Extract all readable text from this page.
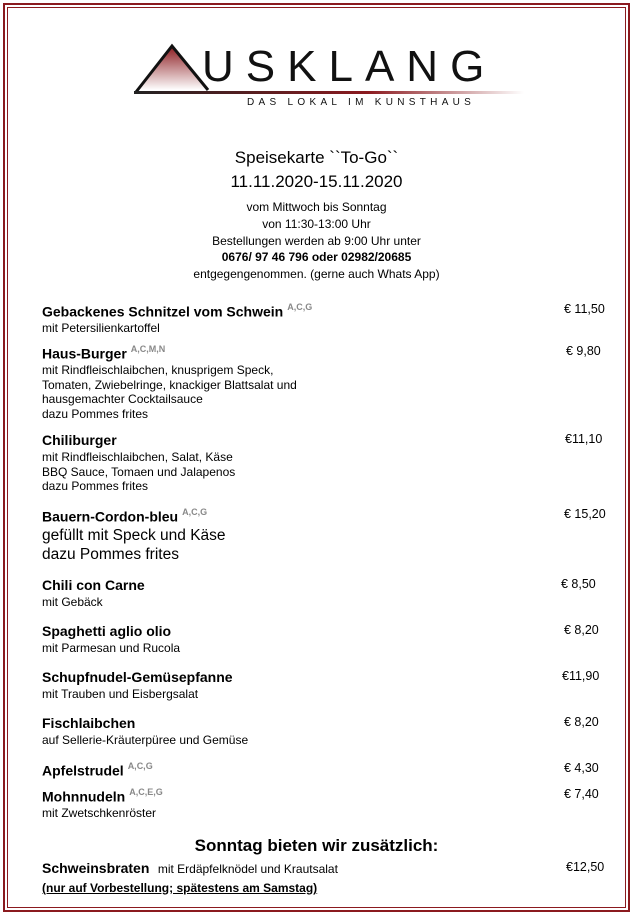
USKLANG
DAS LOKAL IM KUNSTHAUS
Speisekarte ``To-Go``
11.11.2020-15.11.2020
vom Mittwoch bis Sonntag
von 11:30-13:00 Uhr
Bestellungen werden ab 9:00 Uhr unter
0676/ 97 46 796 oder 02982/20685
entgegengenommen. (gerne auch Whats App)
Gebackenes Schnitzel vom Schwein $^{A,C,G}$	€ 11,50
mit Petersilienkartoffel
Haus-Burger $^{A,C,M,N}$	€ 9,80
mit Rindfleischlaibchen, knusprigem Speck,
Tomaten, Zwiebelringe, knackiger Blattsalat und
hausgemachter Cocktailsauce
dazu Pommes frites
Chiliburger	€11,10
mit Rindfleischlaibchen, Salat, Käse
BBQ Sauce, Tomaen und Jalapenos
dazu Pommes frites
Bauern-Cordon-bleu $^{A,C,G}$	€ 15,20
gefüllt mit Speck und Käse
dazu Pommes frites
Chili con Carne	€ 8,50
mit Gebäck
Spaghetti aglio olio	€ 8,20
mit Parmesan und Rucola
Schupfnudel-Gemüsepfanne	€11,90
mit Trauben und Eisbergsalat
Fischlaibchen	€ 8,20
auf Sellerie-Kräuterpüree und Gemüse
Apfelstrudel $^{A,C,G}$	€ 4,30
Mohnnudeln $^{A,C,E,G}$	€ 7,40
mit Zwetschkenröster
Sonntag bieten wir zusätzlich:
Schweinsbraten mit Erdäpfelknödel und Krautsalat	€12,50
(nur auf Vorbestellung; spätestens am Samstag)
